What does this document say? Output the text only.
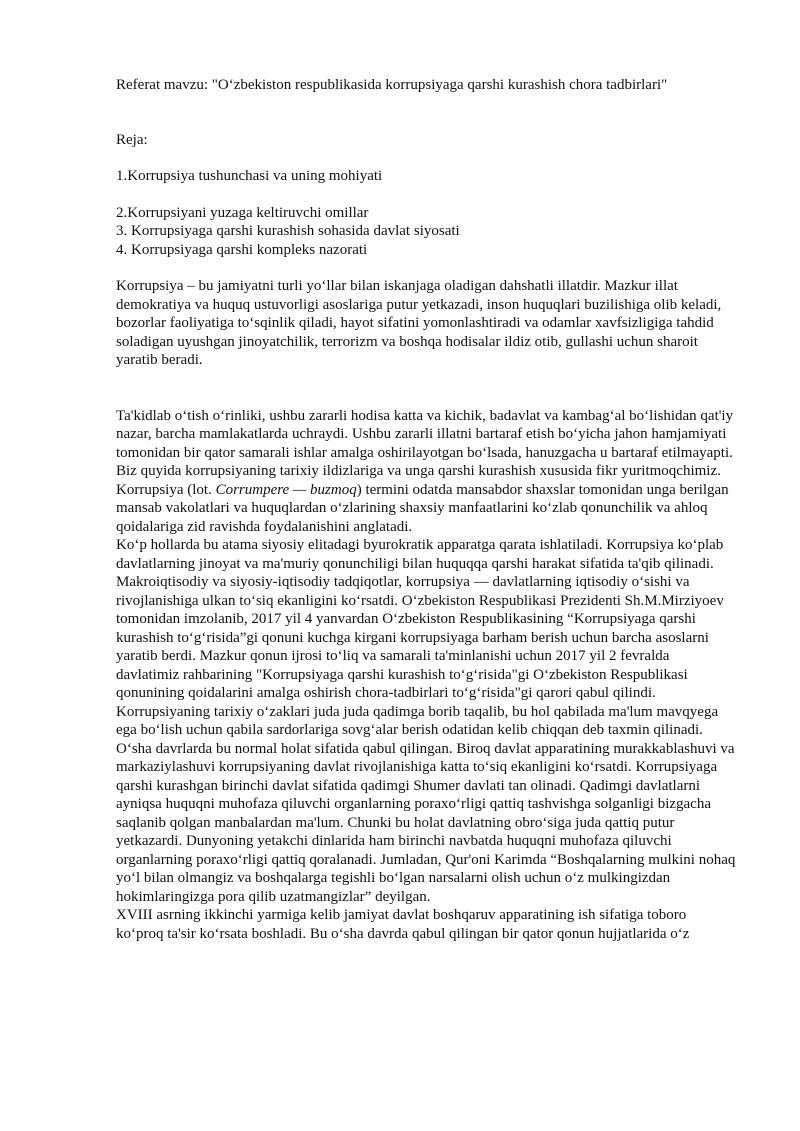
Referat mavzu: "O‘zbekiston respublikasida korrupsiyaga qarshi kurashish chora tadbirlari"

Reja:

1.Korrupsiya tushunchasi va uning mohiyati

2.Korrupsiyani yuzaga keltiruvchi omillar

3. Korrupsiyaga qarshi kurashish sohasida davlat siyosati

4. Korrupsiyaga qarshi kompleks nazorati

Korrupsiya – bu jamiyatni turli yo‘llar bilan iskanjaga oladigan dahshatli illatdir. Mazkur illat demokratiya va huquq ustuvorligi asoslariga putur yetkazadi, inson huquqlari buzilishiga olib keladi, bozorlar faoliyatiga to‘sqinlik qiladi, hayot sifatini yomonlashtiradi va odamlar xavfsizligiga tahdid soladigan uyushgan jinoyatchilik, terrorizm va boshqa hodisalar ildiz otib, gullashi uchun sharoit yaratib beradi.

Ta'kidlab o‘tish o‘rinliki, ushbu zararli hodisa katta va kichik, badavlat va kambag‘al bo‘lishidan qat'iy nazar, barcha mamlakatlarda uchraydi. Ushbu zararli illatni bartaraf etish bo‘yicha jahon hamjamiyati tomonidan bir qator samarali ishlar amalga oshirilayotgan bo‘lsada, hanuzgacha u bartaraf etilmayapti.

Biz quyida korrupsiyaning tarixiy ildizlariga va unga qarshi kurashish xususida fikr yuritmoqchimiz.

Korrupsiya (lot. Corrumpere — buzmoq) termini odatda mansabdor shaxslar tomonidan unga berilgan mansab vakolatlari va huquqlardan o‘zlarining shaxsiy manfaatlarini ko‘zlab qonunchilik va ahloq qoidalariga zid ravishda foydalanishini anglatadi.

Ko‘p hollarda bu atama siyosiy elitadagi byurokratik apparatga qarata ishlatiladi. Korrupsiya ko‘plab davlatlarning jinoyat va ma'muriy qonunchiligi bilan huquqqa qarshi harakat sifatida ta'qib qilinadi.

Makroiqtisodiy va siyosiy-iqtisodiy tadqiqotlar, korrupsiya — davlatlarning iqtisodiy o‘sishi va rivojlanishiga ulkan to‘siq ekanligini ko‘rsatdi. O‘zbekiston Respublikasi Prezidenti Sh.M.Mirziyoev tomonidan imzolanib, 2017 yil 4 yanvardan O‘zbekiston Respublikasining “Korrupsiyaga qarshi kurashish to‘g‘risida”gi qonuni kuchga kirgani korrupsiyaga barham berish uchun barcha asoslarni yaratib berdi. Mazkur qonun ijrosi to‘liq va samarali ta'minlanishi uchun 2017 yil 2 fevralda davlatimiz rahbarining "Korrupsiyaga qarshi kurashish to‘g‘risida"gi O‘zbekiston Respublikasi qonunining qoidalarini amalga oshirish chora-tadbirlari to‘g‘risida"gi qarori qabul qilindi.

Korrupsiyaning tarixiy o‘zaklari juda juda qadimga borib taqalib, bu hol qabilada ma'lum mavqyega ega bo‘lish uchun qabila sardorlariga sovg‘alar berish odatidan kelib chiqqan deb taxmin qilinadi. O‘sha davrlarda bu normal holat sifatida qabul qilingan. Biroq davlat apparatining murakkablashuvi va markaziylashuvi korrupsiyaning davlat rivojlanishiga katta to‘siq ekanligini ko‘rsatdi. Korrupsiyaga qarshi kurashgan birinchi davlat sifatida qadimgi Shumer davlati tan olinadi. Qadimgi davlatlarni ayniqsa huquqni muhofaza qiluvchi organlarning poraxo‘rligi qattiq tashvishga solganligi bizgacha saqlanib qolgan manbalardan ma'lum. Chunki bu holat davlatning obro‘siga juda qattiq putur yetkazardi. Dunyoning yetakchi dinlarida ham birinchi navbatda huquqni muhofaza qiluvchi organlarning poraxo‘rligi qattiq qoralanadi. Jumladan, Qur'oni Karimda “Boshqalarning mulkini nohaq yo‘l bilan olmangiz va boshqalarga tegishli bo‘lgan narsalarni olish uchun o‘z mulkingizdan hokimlaringizga pora qilib uzatmangizlar” deyilgan.

XVIII asrning ikkinchi yarmiga kelib jamiyat davlat boshqaruv apparatining ish sifatiga toboro ko‘proq ta'sir ko‘rsata boshladi. Bu o‘sha davrda qabul qilingan bir qator qonun hujjatlarida o‘z
